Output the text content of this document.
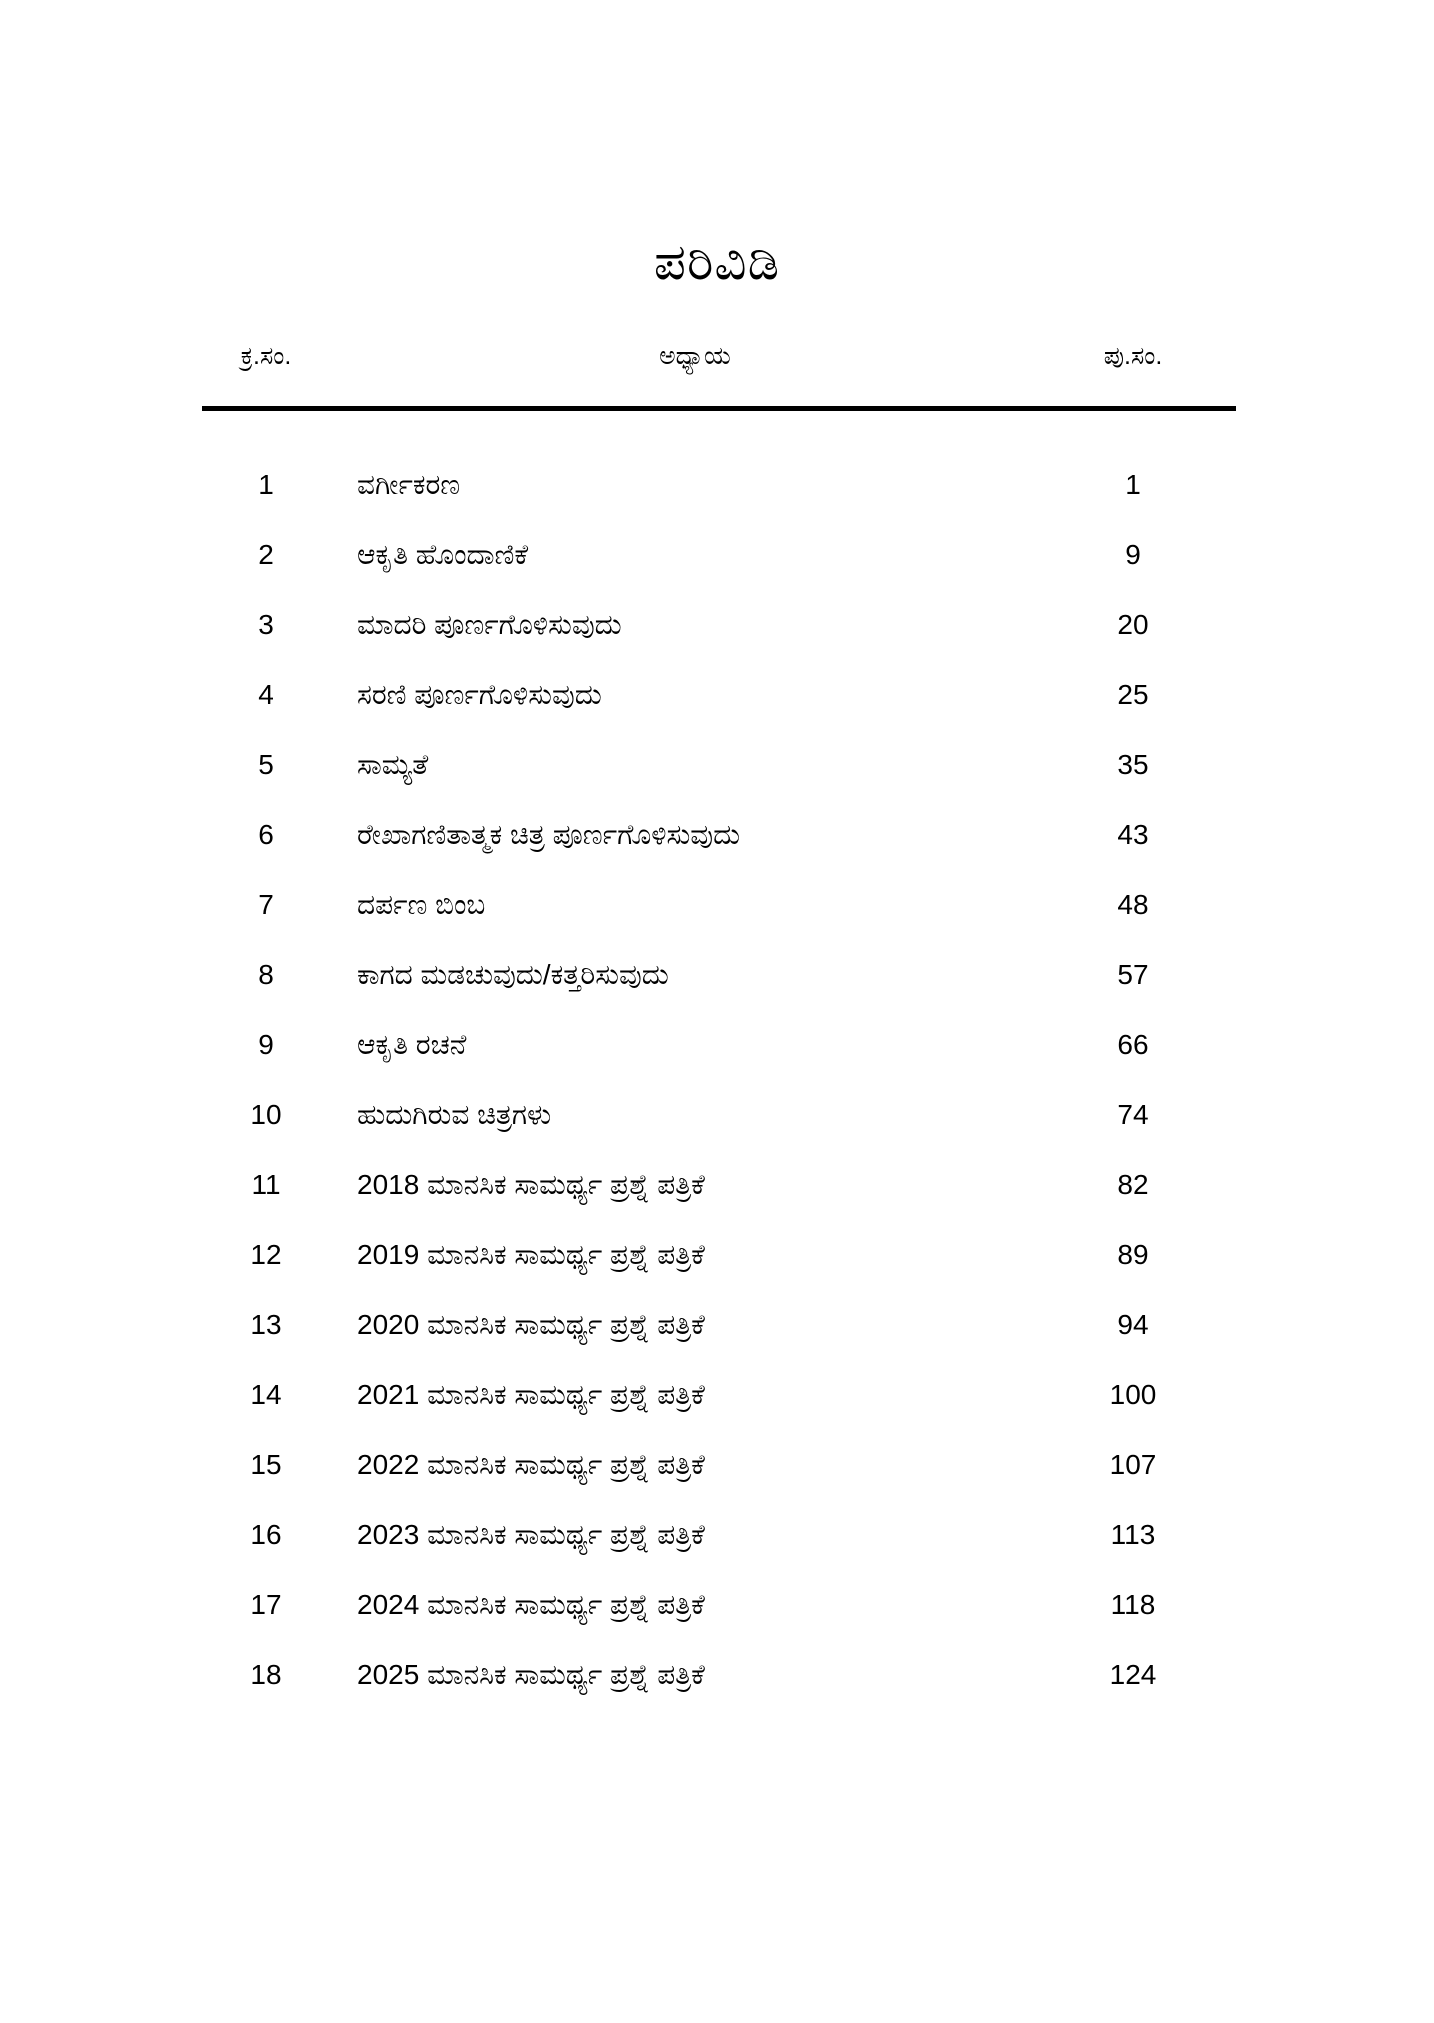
ಪರಿವಿಡಿ
ಕ್ರ.ಸಂ.	ಅಧ್ಯಾಯ	ಪು.ಸಂ.
1	ವರ್ಗೀಕರಣ	1
2	ಆಕೃತಿ ಹೊಂದಾಣಿಕೆ	9
3	ಮಾದರಿ ಪೂರ್ಣಗೊಳಿಸುವುದು	20
4	ಸರಣಿ ಪೂರ್ಣಗೊಳಿಸುವುದು	25
5	ಸಾಮ್ಯತೆ	35
6	ರೇಖಾಗಣಿತಾತ್ಮಕ ಚಿತ್ರ ಪೂರ್ಣಗೊಳಿಸುವುದು	43
7	ದರ್ಪಣ ಬಿಂಬ	48
8	ಕಾಗದ ಮಡಚುವುದು/ಕತ್ತರಿಸುವುದು	57
9	ಆಕೃತಿ ರಚನೆ	66
10	ಹುದುಗಿರುವ ಚಿತ್ರಗಳು	74
11	2018 ಮಾನಸಿಕ ಸಾಮರ್ಥ್ಯ ಪ್ರಶ್ನೆ ಪತ್ರಿಕೆ	82
12	2019 ಮಾನಸಿಕ ಸಾಮರ್ಥ್ಯ ಪ್ರಶ್ನೆ ಪತ್ರಿಕೆ	89
13	2020 ಮಾನಸಿಕ ಸಾಮರ್ಥ್ಯ ಪ್ರಶ್ನೆ ಪತ್ರಿಕೆ	94
14	2021 ಮಾನಸಿಕ ಸಾಮರ್ಥ್ಯ ಪ್ರಶ್ನೆ ಪತ್ರಿಕೆ	100
15	2022 ಮಾನಸಿಕ ಸಾಮರ್ಥ್ಯ ಪ್ರಶ್ನೆ ಪತ್ರಿಕೆ	107
16	2023 ಮಾನಸಿಕ ಸಾಮರ್ಥ್ಯ ಪ್ರಶ್ನೆ ಪತ್ರಿಕೆ	113
17	2024 ಮಾನಸಿಕ ಸಾಮರ್ಥ್ಯ ಪ್ರಶ್ನೆ ಪತ್ರಿಕೆ	118
18	2025 ಮಾನಸಿಕ ಸಾಮರ್ಥ್ಯ ಪ್ರಶ್ನೆ ಪತ್ರಿಕೆ	124
